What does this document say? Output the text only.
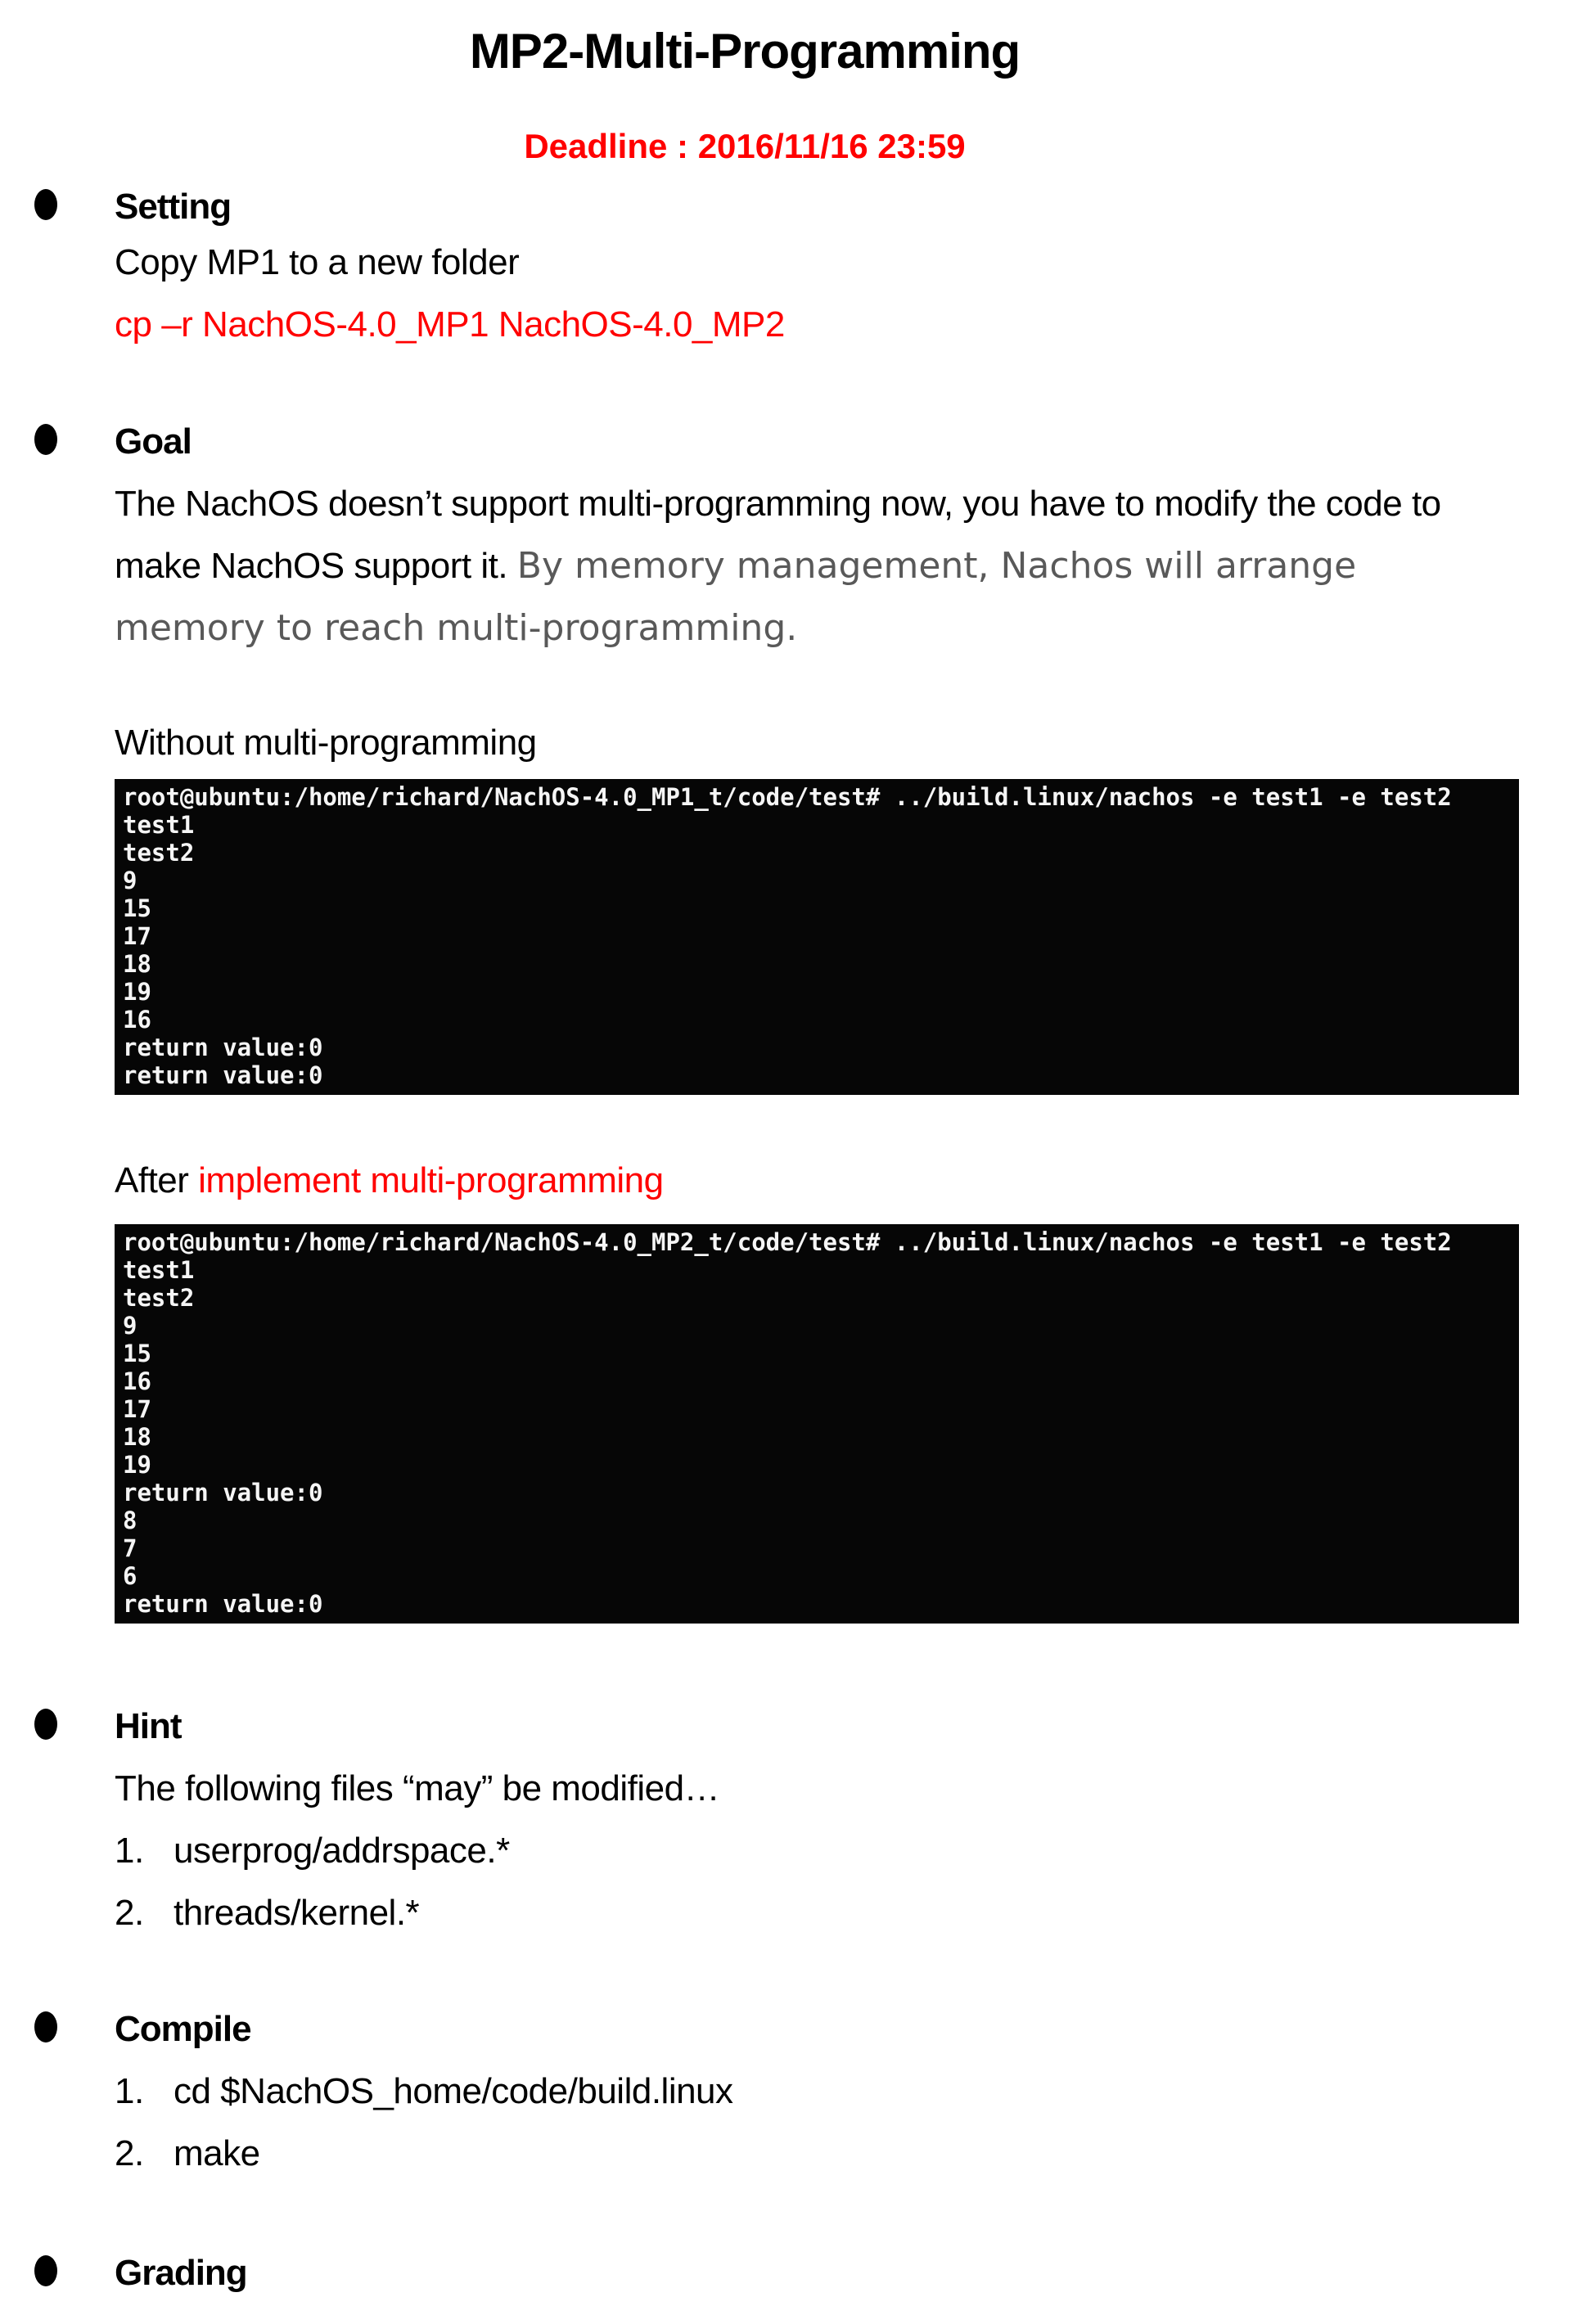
MP2-Multi-Programming
Deadline : 2016/11/16 23:59
Setting
Copy MP1 to a new folder
cp –r NachOS-4.0_MP1 NachOS-4.0_MP2
Goal
The NachOS doesn’t support multi-programming now, you have to modify the code to make NachOS support it. By memory management, Nachos will arrange memory to reach multi-programming.
Without multi-programming
root@ubuntu:/home/richard/NachOS-4.0_MP1_t/code/test# ../build.linux/nachos -e test1 -e test2
test1
test2
9
15
17
18
19
16
return value:0
return value:0
After implement multi-programming
root@ubuntu:/home/richard/NachOS-4.0_MP2_t/code/test# ../build.linux/nachos -e test1 -e test2
test1
test2
9
15
16
17
18
19
return value:0
8
7
6
return value:0
Hint
The following files “may” be modified…
1. userprog/addrspace.*
2. threads/kernel.*
Compile
1. cd $NachOS_home/code/build.linux
2. make
Grading
